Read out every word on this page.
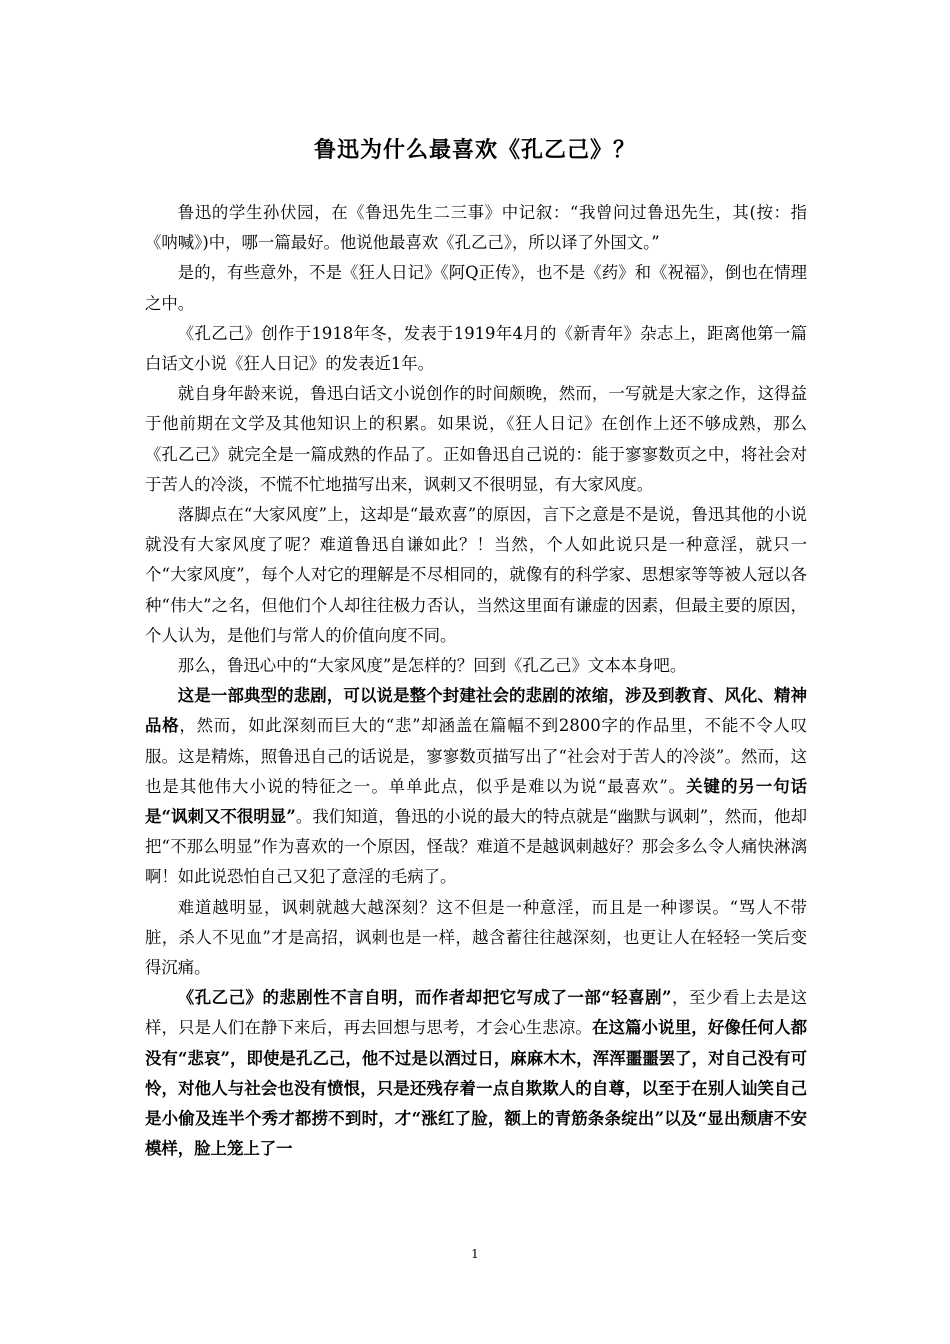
鲁迅为什么最喜欢《孔乙己》？

鲁迅的学生孙伏园，在《鲁迅先生二三事》中记叙：“我曾问过鲁迅先生，其(按：指《呐喊》)中，哪一篇最好。他说他最喜欢《孔乙己》，所以译了外国文。”

是的，有些意外，不是《狂人日记》《阿Q正传》，也不是《药》和《祝福》，倒也在情理之中。

《孔乙己》创作于1918年冬，发表于1919年4月的《新青年》杂志上，距离他第一篇白话文小说《狂人日记》的发表近1年。

就自身年龄来说，鲁迅白话文小说创作的时间颇晚，然而，一写就是大家之作，这得益于他前期在文学及其他知识上的积累。如果说，《狂人日记》在创作上还不够成熟，那么《孔乙己》就完全是一篇成熟的作品了。正如鲁迅自己说的：能于寥寥数页之中，将社会对于苦人的冷淡，不慌不忙地描写出来，讽刺又不很明显，有大家风度。

落脚点在“大家风度”上，这却是“最欢喜”的原因，言下之意是不是说，鲁迅其他的小说就没有大家风度了呢？难道鲁迅自谦如此？！当然，个人如此说只是一种意淫，就只一个“大家风度”，每个人对它的理解是不尽相同的，就像有的科学家、思想家等等被人冠以各种“伟大”之名，但他们个人却往往极力否认，当然这里面有谦虚的因素，但最主要的原因，个人认为，是他们与常人的价值向度不同。

那么，鲁迅心中的“大家风度”是怎样的？回到《孔乙己》文本本身吧。

这是一部典型的悲剧，可以说是整个封建社会的悲剧的浓缩，涉及到教育、风化、精神品格，然而，如此深刻而巨大的“悲”却涵盖在篇幅不到2800字的作品里，不能不令人叹服。这是精炼，照鲁迅自己的话说是，寥寥数页描写出了“社会对于苦人的冷淡”。然而，这也是其他伟大小说的特征之一。单单此点，似乎是难以为说“最喜欢”。关键的另一句话是“讽刺又不很明显”。我们知道，鲁迅的小说的最大的特点就是“幽默与讽刺”，然而，他却把“不那么明显”作为喜欢的一个原因，怪哉？难道不是越讽刺越好？那会多么令人痛快淋漓啊！如此说恐怕自己又犯了意淫的毛病了。

难道越明显，讽刺就越大越深刻？这不但是一种意淫，而且是一种谬误。“骂人不带脏，杀人不见血”才是高招，讽刺也是一样，越含蓄往往越深刻，也更让人在轻轻一笑后变得沉痛。

《孔乙己》的悲剧性不言自明，而作者却把它写成了一部“轻喜剧”，至少看上去是这样，只是人们在静下来后，再去回想与思考，才会心生悲凉。在这篇小说里，好像任何人都没有“悲哀”，即使是孔乙己，他不过是以酒过日，麻麻木木，浑浑噩噩罢了，对自己没有可怜，对他人与社会也没有愤恨，只是还残存着一点自欺欺人的自尊，以至于在别人讪笑自己是小偷及连半个秀才都捞不到时，才“涨红了脸，额上的青筋条条绽出”以及“显出颓唐不安模样，脸上笼上了一

1
